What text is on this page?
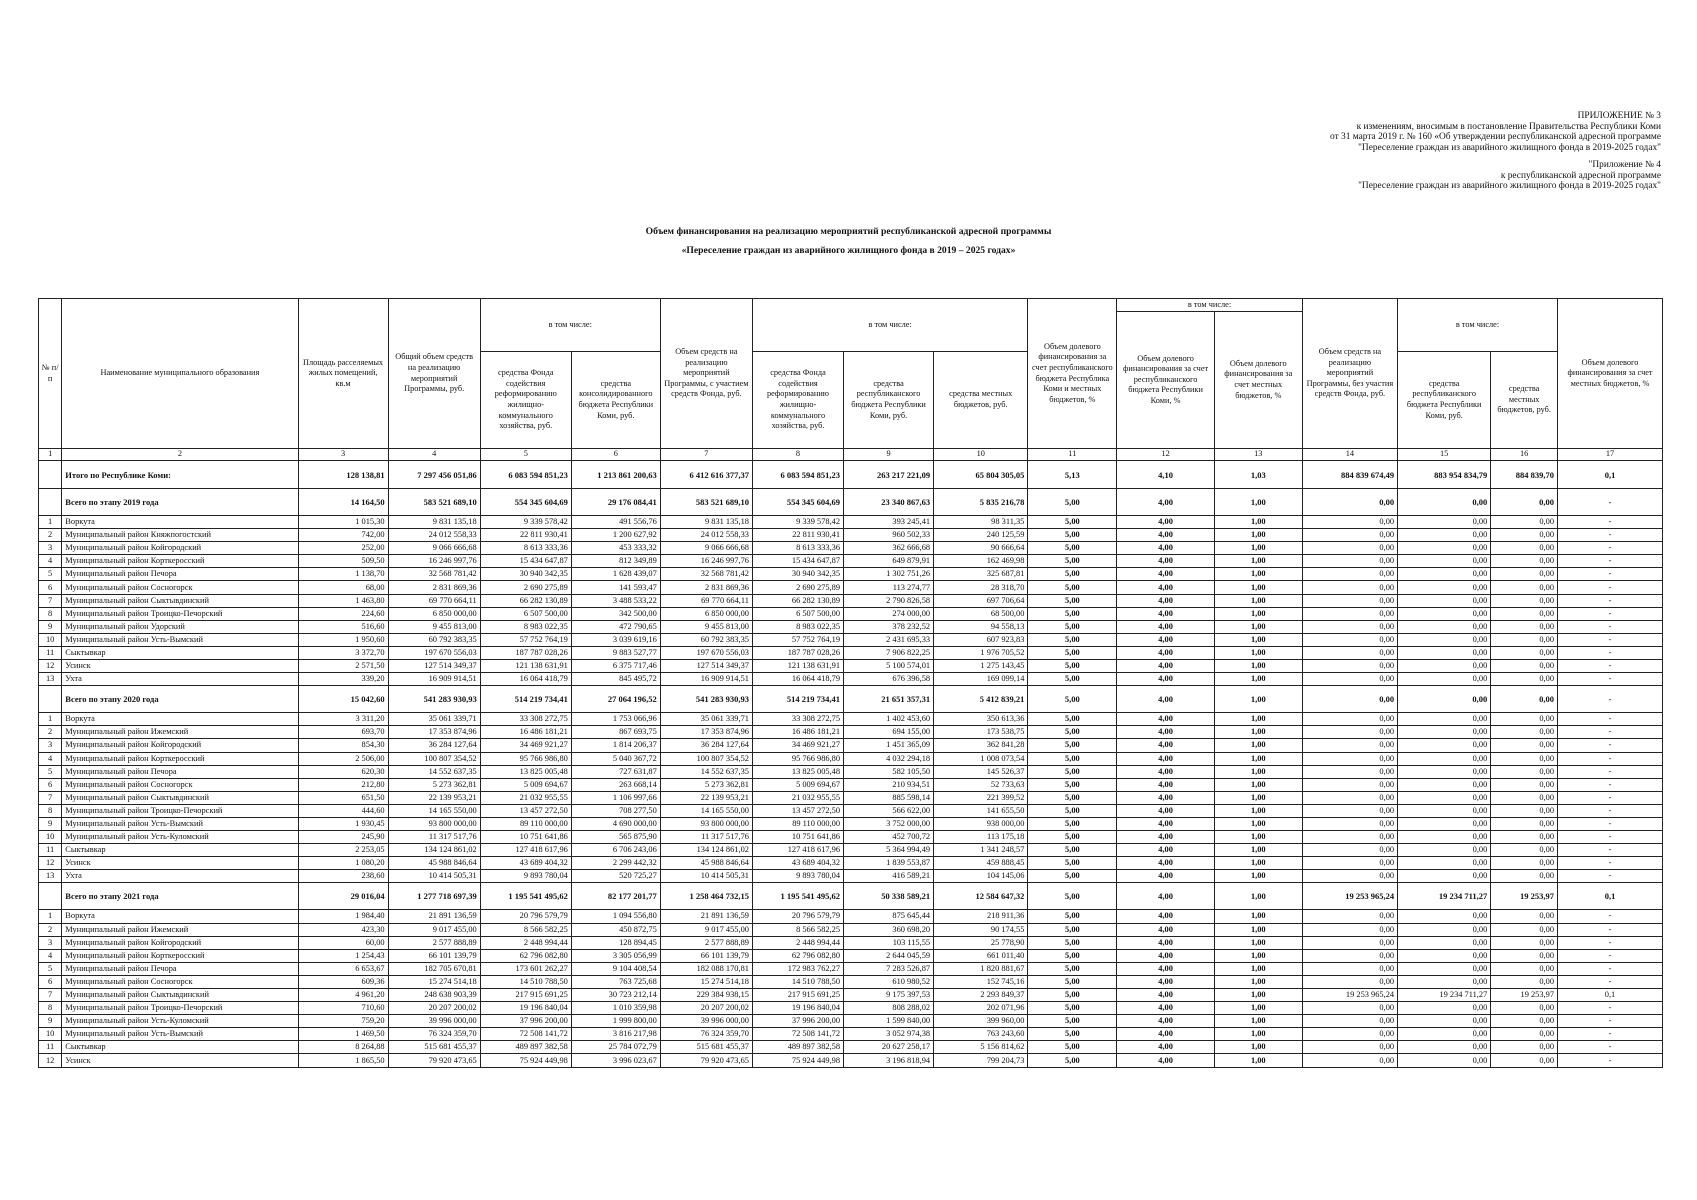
ПРИЛОЖЕНИЕ № 3
к изменениям, вносимым в постановление Правительства Республики Коми
от 31 марта 2019 г. № 160 «Об утверждении республиканской адресной программе
"Переселение граждан из аварийного жилищного фонда в 2019-2025 годах"
"Приложение № 4
к республиканской адресной программе
"Переселение граждан из аварийного жилищного фонда в 2019-2025 годах"
Объем финансирования на реализацию мероприятий республиканской адресной программы
«Переселение граждан из аварийного жилищного фонда в 2019 – 2025 годах»
№ п/п	Наименование муниципального образования	Площадь расселяемых жилых помещений, кв.м	Общий объем средств на реализацию мероприятий Программы, руб.	в том числе:		Объем средств на реализацию мероприятий Программы, с участием средств Фонда, руб.	в том числе:			Объем долевого финансирования за счет республиканского бюджета Республика Коми и местных бюджетов, %	в том числе:		Объем средств на реализацию мероприятий Программы, без участия средств Фонда, руб.	в том числе:		Объем долевого финансирования за счет местных бюджетов, %
											Объем долевого финансирования за счет республиканского бюджета Республики Коми, %	Объем долевого финансирования за счет местных бюджетов, %				
				средства Фонда содействия реформированию жилищно-коммунального хозяйства, руб.	средства консолидированного бюджета Республики Коми, руб.		средства Фонда содействия реформированию жилищно-коммунального хозяйства, руб.	средства республиканского бюджета Республики Коми, руб.	средства местных бюджетов, руб.					средства республиканского бюджета Республики Коми, руб.	средства местных бюджетов, руб.	
1	2	3	4	5	6	7	8	9	10	11	12	13	14	15	16	17
	Итого по Республике Коми:	128 138,81	7 297 456 051,86	6 083 594 851,23	1 213 861 200,63	6 412 616 377,37	6 083 594 851,23	263 217 221,09	65 804 305,05	5,13	4,10	1,03	884 839 674,49	883 954 834,79	884 839,70	0,1
	Всего по этапу 2019 года	14 164,50	583 521 689,10	554 345 604,69	29 176 084,41	583 521 689,10	554 345 604,69	23 340 867,63	5 835 216,78	5,00	4,00	1,00	0,00	0,00	0,00	-
1	Воркута	1 015,30	9 831 135,18	9 339 578,42	491 556,76	9 831 135,18	9 339 578,42	393 245,41	98 311,35	5,00	4,00	1,00	0,00	0,00	0,00	-
2	Муниципальный район Княжпогостский	742,00	24 012 558,33	22 811 930,41	1 200 627,92	24 012 558,33	22 811 930,41	960 502,33	240 125,59	5,00	4,00	1,00	0,00	0,00	0,00	-
3	Муниципальный район Койгородский	252,00	9 066 666,68	8 613 333,36	453 333,32	9 066 666,68	8 613 333,36	362 666,68	90 666,64	5,00	4,00	1,00	0,00	0,00	0,00	-
4	Муниципальный район Корткеросский	509,50	16 246 997,76	15 434 647,87	812 349,89	16 246 997,76	15 434 647,87	649 879,91	162 469,98	5,00	4,00	1,00	0,00	0,00	0,00	-
5	Муниципальный район Печора	1 138,70	32 568 781,42	30 940 342,35	1 628 439,07	32 568 781,42	30 940 342,35	1 302 751,26	325 687,81	5,00	4,00	1,00	0,00	0,00	0,00	-
6	Муниципальный район Сосногорск	68,00	2 831 869,36	2 690 275,89	141 593,47	2 831 869,36	2 690 275,89	113 274,77	28 318,70	5,00	4,00	1,00	0,00	0,00	0,00	-
7	Муниципальный район Сыктывдинский	1 463,80	69 770 664,11	66 282 130,89	3 488 533,22	69 770 664,11	66 282 130,89	2 790 826,58	697 706,64	5,00	4,00	1,00	0,00	0,00	0,00	-
8	Муниципальный район Троицко-Печорский	224,60	6 850 000,00	6 507 500,00	342 500,00	6 850 000,00	6 507 500,00	274 000,00	68 500,00	5,00	4,00	1,00	0,00	0,00	0,00	-
9	Муниципальный район Удорский	516,60	9 455 813,00	8 983 022,35	472 790,65	9 455 813,00	8 983 022,35	378 232,52	94 558,13	5,00	4,00	1,00	0,00	0,00	0,00	-
10	Муниципальный район Усть-Вымский	1 950,60	60 792 383,35	57 752 764,19	3 039 619,16	60 792 383,35	57 752 764,19	2 431 695,33	607 923,83	5,00	4,00	1,00	0,00	0,00	0,00	-
11	Сыктывкар	3 372,70	197 670 556,03	187 787 028,26	9 883 527,77	197 670 556,03	187 787 028,26	7 906 822,25	1 976 705,52	5,00	4,00	1,00	0,00	0,00	0,00	-
12	Усинск	2 571,50	127 514 349,37	121 138 631,91	6 375 717,46	127 514 349,37	121 138 631,91	5 100 574,01	1 275 143,45	5,00	4,00	1,00	0,00	0,00	0,00	-
13	Ухта	339,20	16 909 914,51	16 064 418,79	845 495,72	16 909 914,51	16 064 418,79	676 396,58	169 099,14	5,00	4,00	1,00	0,00	0,00	0,00	-
	Всего по этапу 2020 года	15 042,60	541 283 930,93	514 219 734,41	27 064 196,52	541 283 930,93	514 219 734,41	21 651 357,31	5 412 839,21	5,00	4,00	1,00	0,00	0,00	0,00	-
1	Воркута	3 311,20	35 061 339,71	33 308 272,75	1 753 066,96	35 061 339,71	33 308 272,75	1 402 453,60	350 613,36	5,00	4,00	1,00	0,00	0,00	0,00	-
2	Муниципальный район Ижемский	693,70	17 353 874,96	16 486 181,21	867 693,75	17 353 874,96	16 486 181,21	694 155,00	173 538,75	5,00	4,00	1,00	0,00	0,00	0,00	-
3	Муниципальный район Койгородский	854,30	36 284 127,64	34 469 921,27	1 814 206,37	36 284 127,64	34 469 921,27	1 451 365,09	362 841,28	5,00	4,00	1,00	0,00	0,00	0,00	-
4	Муниципальный район Корткеросский	2 506,00	100 807 354,52	95 766 986,80	5 040 367,72	100 807 354,52	95 766 986,80	4 032 294,18	1 008 073,54	5,00	4,00	1,00	0,00	0,00	0,00	-
5	Муниципальный район Печора	620,30	14 552 637,35	13 825 005,48	727 631,87	14 552 637,35	13 825 005,48	582 105,50	145 526,37	5,00	4,00	1,00	0,00	0,00	0,00	-
6	Муниципальный район Сосногорск	212,80	5 273 362,81	5 009 694,67	263 668,14	5 273 362,81	5 009 694,67	210 934,51	52 733,63	5,00	4,00	1,00	0,00	0,00	0,00	-
7	Муниципальный район Сыктывдинский	651,50	22 139 953,21	21 032 955,55	1 106 997,66	22 139 953,21	21 032 955,55	885 598,14	221 399,52	5,00	4,00	1,00	0,00	0,00	0,00	-
8	Муниципальный район Троицко-Печорский	444,60	14 165 550,00	13 457 272,50	708 277,50	14 165 550,00	13 457 272,50	566 622,00	141 655,50	5,00	4,00	1,00	0,00	0,00	0,00	-
9	Муниципальный район Усть-Вымский	1 930,45	93 800 000,00	89 110 000,00	4 690 000,00	93 800 000,00	89 110 000,00	3 752 000,00	938 000,00	5,00	4,00	1,00	0,00	0,00	0,00	-
10	Муниципальный район Усть-Куломский	245,90	11 317 517,76	10 751 641,86	565 875,90	11 317 517,76	10 751 641,86	452 700,72	113 175,18	5,00	4,00	1,00	0,00	0,00	0,00	-
11	Сыктывкар	2 253,05	134 124 861,02	127 418 617,96	6 706 243,06	134 124 861,02	127 418 617,96	5 364 994,49	1 341 248,57	5,00	4,00	1,00	0,00	0,00	0,00	-
12	Усинск	1 080,20	45 988 846,64	43 689 404,32	2 299 442,32	45 988 846,64	43 689 404,32	1 839 553,87	459 888,45	5,00	4,00	1,00	0,00	0,00	0,00	-
13	Ухта	238,60	10 414 505,31	9 893 780,04	520 725,27	10 414 505,31	9 893 780,04	416 589,21	104 145,06	5,00	4,00	1,00	0,00	0,00	0,00	-
	Всего по этапу 2021 года	29 016,04	1 277 718 697,39	1 195 541 495,62	82 177 201,77	1 258 464 732,15	1 195 541 495,62	50 338 589,21	12 584 647,32	5,00	4,00	1,00	19 253 965,24	19 234 711,27	19 253,97	0,1
1	Воркута	1 984,40	21 891 136,59	20 796 579,79	1 094 556,80	21 891 136,59	20 796 579,79	875 645,44	218 911,36	5,00	4,00	1,00	0,00	0,00	0,00	-
2	Муниципальный район Ижемский	423,30	9 017 455,00	8 566 582,25	450 872,75	9 017 455,00	8 566 582,25	360 698,20	90 174,55	5,00	4,00	1,00	0,00	0,00	0,00	-
3	Муниципальный район Койгородский	60,00	2 577 888,89	2 448 994,44	128 894,45	2 577 888,89	2 448 994,44	103 115,55	25 778,90	5,00	4,00	1,00	0,00	0,00	0,00	-
4	Муниципальный район Корткеросский	1 254,43	66 101 139,79	62 796 082,80	3 305 056,99	66 101 139,79	62 796 082,80	2 644 045,59	661 011,40	5,00	4,00	1,00	0,00	0,00	0,00	-
5	Муниципальный район Печора	6 653,67	182 705 670,81	173 601 262,27	9 104 408,54	182 088 170,81	172 983 762,27	7 283 526,87	1 820 881,67	5,00	4,00	1,00	0,00	0,00	0,00	-
6	Муниципальный район Сосногорск	609,36	15 274 514,18	14 510 788,50	763 725,68	15 274 514,18	14 510 788,50	610 980,52	152 745,16	5,00	4,00	1,00	0,00	0,00	0,00	-
7	Муниципальный район Сыктывдинский	4 961,20	248 638 903,39	217 915 691,25	30 723 212,14	229 384 938,15	217 915 691,25	9 175 397,53	2 293 849,37	5,00	4,00	1,00	19 253 965,24	19 234 711,27	19 253,97	0,1
8	Муниципальный район Троицко-Печорский	710,60	20 207 200,02	19 196 840,04	1 010 359,98	20 207 200,02	19 196 840,04	808 288,02	202 071,96	5,00	4,00	1,00	0,00	0,00	0,00	-
9	Муниципальный район Усть-Куломский	759,20	39 996 000,00	37 996 200,00	1 999 800,00	39 996 000,00	37 996 200,00	1 599 840,00	399 960,00	5,00	4,00	1,00	0,00	0,00	0,00	-
10	Муниципальный район Усть-Вымский	1 469,50	76 324 359,70	72 508 141,72	3 816 217,98	76 324 359,70	72 508 141,72	3 052 974,38	763 243,60	5,00	4,00	1,00	0,00	0,00	0,00	-
11	Сыктывкар	8 264,88	515 681 455,37	489 897 382,58	25 784 072,79	515 681 455,37	489 897 382,58	20 627 258,17	5 156 814,62	5,00	4,00	1,00	0,00	0,00	0,00	-
12	Усинск	1 865,50	79 920 473,65	75 924 449,98	3 996 023,67	79 920 473,65	75 924 449,98	3 196 818,94	799 204,73	5,00	4,00	1,00	0,00	0,00	0,00	-
